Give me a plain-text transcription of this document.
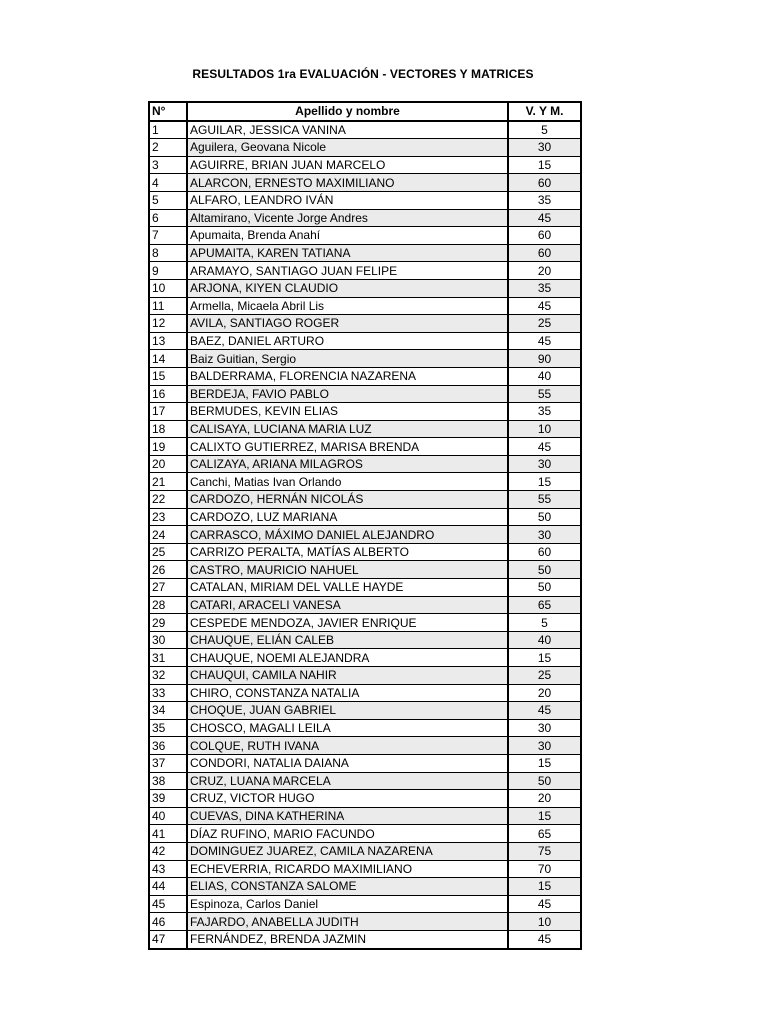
RESULTADOS 1ra EVALUACIÓN - VECTORES Y MATRICES
N°	Apellido y nombre	V. Y M.
1	AGUILAR, JESSICA VANINA	5
2	Aguilera, Geovana Nicole	30
3	AGUIRRE, BRIAN JUAN MARCELO	15
4	ALARCON, ERNESTO MAXIMILIANO	60
5	ALFARO, LEANDRO IVÁN	35
6	Altamirano, Vicente Jorge Andres	45
7	Apumaita, Brenda Anahí	60
8	APUMAITA, KAREN TATIANA	60
9	ARAMAYO, SANTIAGO JUAN FELIPE	20
10	ARJONA, KIYEN CLAUDIO	35
11	Armella, Micaela Abril Lis	45
12	AVILA, SANTIAGO ROGER	25
13	BAEZ, DANIEL ARTURO	45
14	Baiz Guitian, Sergio	90
15	BALDERRAMA, FLORENCIA NAZARENA	40
16	BERDEJA, FAVIO PABLO	55
17	BERMUDES, KEVIN ELIAS	35
18	CALISAYA, LUCIANA MARIA LUZ	10
19	CALIXTO GUTIERREZ, MARISA BRENDA	45
20	CALIZAYA, ARIANA MILAGROS	30
21	Canchi, Matias Ivan Orlando	15
22	CARDOZO, HERNÁN NICOLÁS	55
23	CARDOZO, LUZ MARIANA	50
24	CARRASCO, MÁXIMO DANIEL ALEJANDRO	30
25	CARRIZO PERALTA, MATÍAS ALBERTO	60
26	CASTRO, MAURICIO NAHUEL	50
27	CATALAN, MIRIAM DEL VALLE HAYDE	50
28	CATARI, ARACELI VANESA	65
29	CESPEDE MENDOZA, JAVIER ENRIQUE	5
30	CHAUQUE, ELIÁN CALEB	40
31	CHAUQUE, NOEMI ALEJANDRA	15
32	CHAUQUI, CAMILA NAHIR	25
33	CHIRO, CONSTANZA NATALIA	20
34	CHOQUE, JUAN GABRIEL	45
35	CHOSCO, MAGALI LEILA	30
36	COLQUE, RUTH IVANA	30
37	CONDORI, NATALIA DAIANA	15
38	CRUZ, LUANA MARCELA	50
39	CRUZ, VICTOR HUGO	20
40	CUEVAS, DINA KATHERINA	15
41	DÍAZ RUFINO, MARIO FACUNDO	65
42	DOMINGUEZ JUAREZ, CAMILA NAZARENA	75
43	ECHEVERRIA, RICARDO MAXIMILIANO	70
44	ELIAS, CONSTANZA SALOME	15
45	Espinoza, Carlos Daniel	45
46	FAJARDO, ANABELLA JUDITH	10
47	FERNÁNDEZ, BRENDA JAZMIN	45
